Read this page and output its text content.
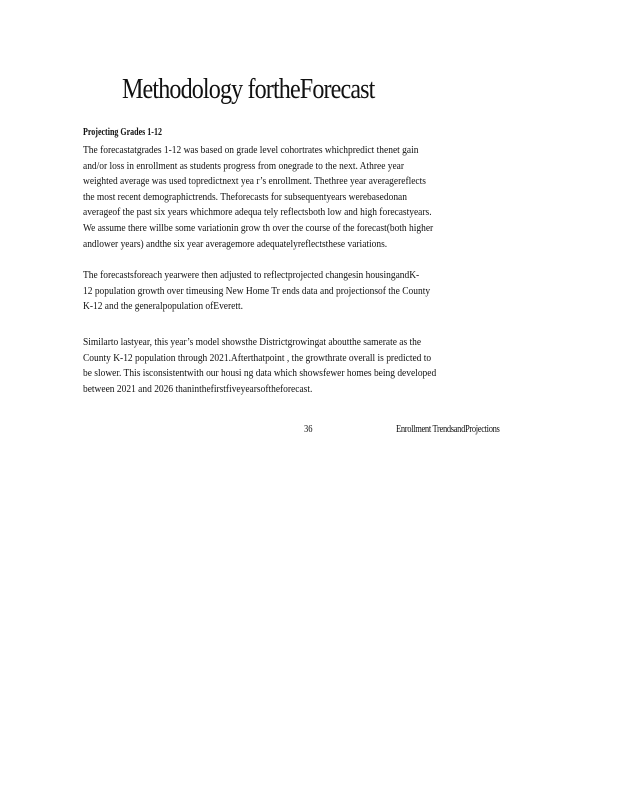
Methodology fortheForecast
Projecting Grades 1-12
The forecastatgrades 1-12 was based on grade level cohortrates whichpredict thenet gain
and/or loss in enrollment as students progress from onegrade to the next. Athree year
weighted average was used topredictnext yea r’s enrollment. Thethree year averagereflects
the most recent demographictrends. Theforecasts for subsequentyears werebasedonan
averageof the past six years whichmore adequa tely reflectsboth low and high forecastyears.
We assume there willbe some variationin grow th over the course of the forecast(both higher
andlower years) andthe six year averagemore adequatelyreflectsthese variations.
The forecastsforeach yearwere then adjusted to reflectprojected changesin housingandK-
12 population growth over timeusing New Home Tr ends data and projectionsof the County
K-12 and the generalpopulation ofEverett.
Similarto lastyear, this year’s model showsthe Districtgrowingat aboutthe samerate as the
County K-12 population through 2021.Afterthatpoint , the growthrate overall is predicted to
be slower. This isconsistentwith our housi ng data which showsfewer homes being developed
between 2021 and 2026 thaninthefirstfiveyearsoftheforecast.
36	Enrollment TrendsandProjections
